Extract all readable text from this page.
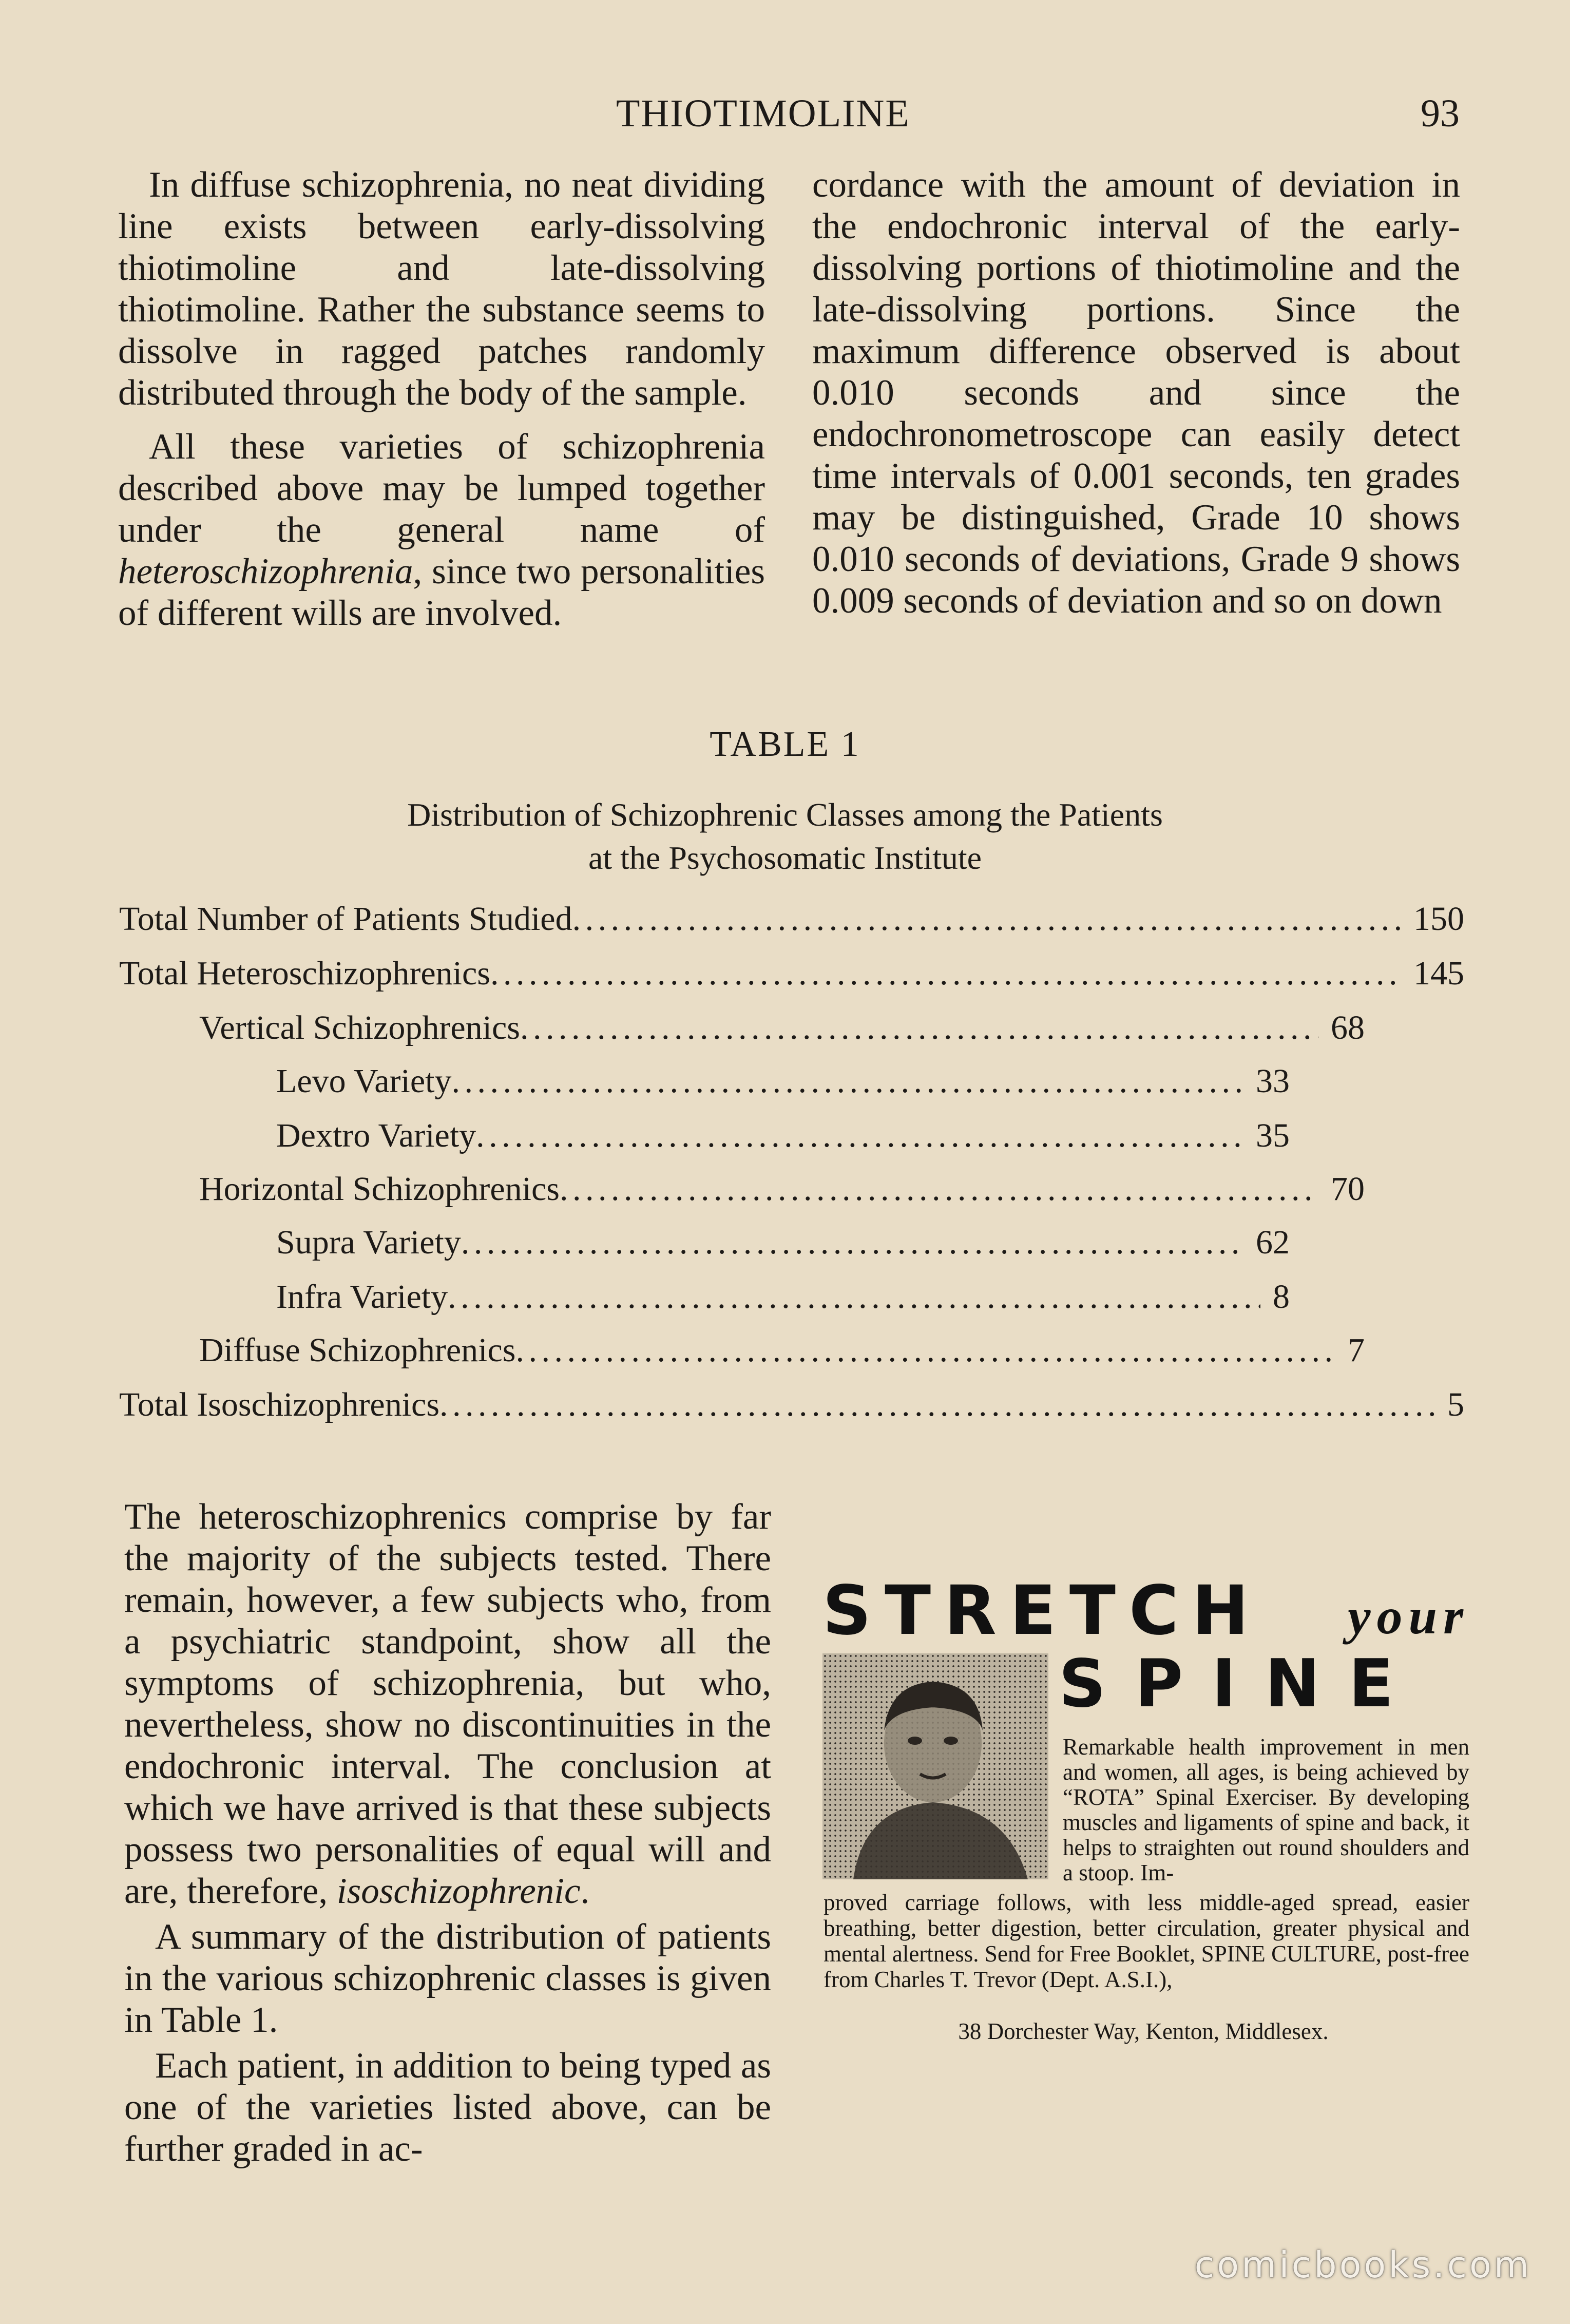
THIOTIMOLINE	93

In diffuse schizophrenia, no neat dividing line exists between early-dissolving thiotimoline and late-dissolving thiotimoline. Rather the substance seems to dissolve in ragged patches randomly distributed through the body of the sample.

All these varieties of schizophrenia described above may be lumped together under the general name of heteroschizophrenia, since two personalities of different wills are involved.

cordance with the amount of deviation in the endochronic interval of the early-dissolving portions of thiotimoline and the late-dissolving portions. Since the maximum difference observed is about 0.010 seconds and since the endochronometroscope can easily detect time intervals of 0.001 seconds, ten grades may be distinguished, Grade 10 shows 0.010 seconds of deviations, Grade 9 shows 0.009 seconds of deviation and so on down

TABLE 1
Distribution of Schizophrenic Classes among the Patients
at the Psychosomatic Institute
Total Number of Patients Studied . . .	150
Total Heteroschizophrenics . . .	145
Vertical Schizophrenics . . .	68
Levo Variety . . .	33
Dextro Variety . . .	35
Horizontal Schizophrenics . . .	70
Supra Variety . . .	62
Infra Variety . . .	8
Diffuse Schizophrenics . . .	7
Total Isoschizophrenics . . .	5

The heteroschizophrenics comprise by far the majority of the subjects tested. There remain, however, a few subjects who, from a psychiatric standpoint, show all the symptoms of schizophrenia, but who, nevertheless, show no discontinuities in the endochronic interval. The conclusion at which we have arrived is that these subjects possess two personalities of equal will and are, therefore, isoschizophrenic.

A summary of the distribution of patients in the various schizophrenic classes is given in Table 1.

Each patient, in addition to being typed as one of the varieties listed above, can be further graded in ac-

STRETCH your
SPINE
Remarkable health improvement in men and women, all ages, is being achieved by “ROTA” Spinal Exerciser. By developing muscles and ligaments of spine and back, it helps to straighten out round shoulders and a stoop. Im-
proved carriage follows, with less middle-aged spread, easier breathing, better digestion, better circulation, greater physical and mental alertness. Send for Free Booklet, SPINE CULTURE, post-free from Charles T. Trevor (Dept. A.S.I.),
38 Dorchester Way, Kenton, Middlesex.
comicbooks.com
